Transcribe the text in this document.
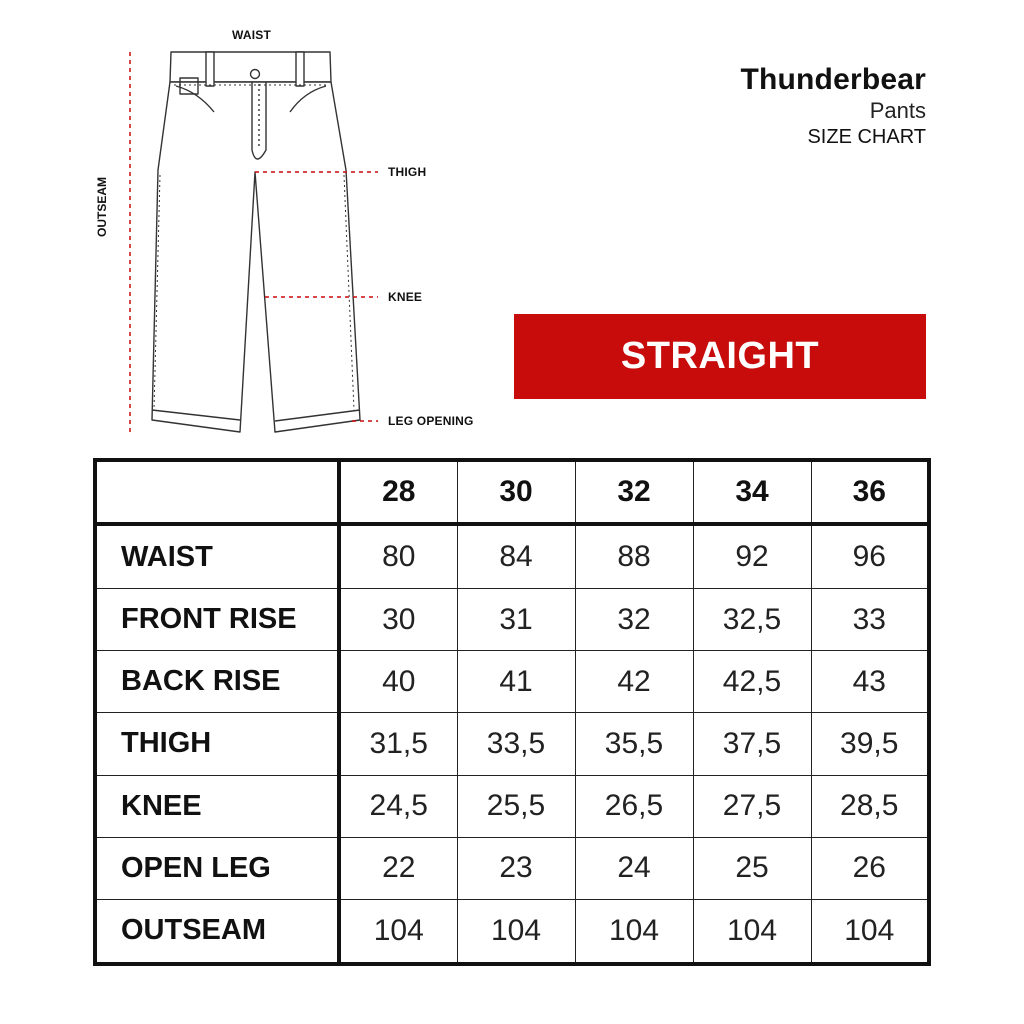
WAIST
THIGH
KNEE
LEG OPENING
OUTSEAM
Thunderbear
Pants
SIZE CHART
STRAIGHT
	28	30	32	34	36
WAIST	80	84	88	92	96
FRONT RISE	30	31	32	32,5	33
BACK RISE	40	41	42	42,5	43
THIGH	31,5	33,5	35,5	37,5	39,5
KNEE	24,5	25,5	26,5	27,5	28,5
OPEN LEG	22	23	24	25	26
OUTSEAM	104	104	104	104	104
